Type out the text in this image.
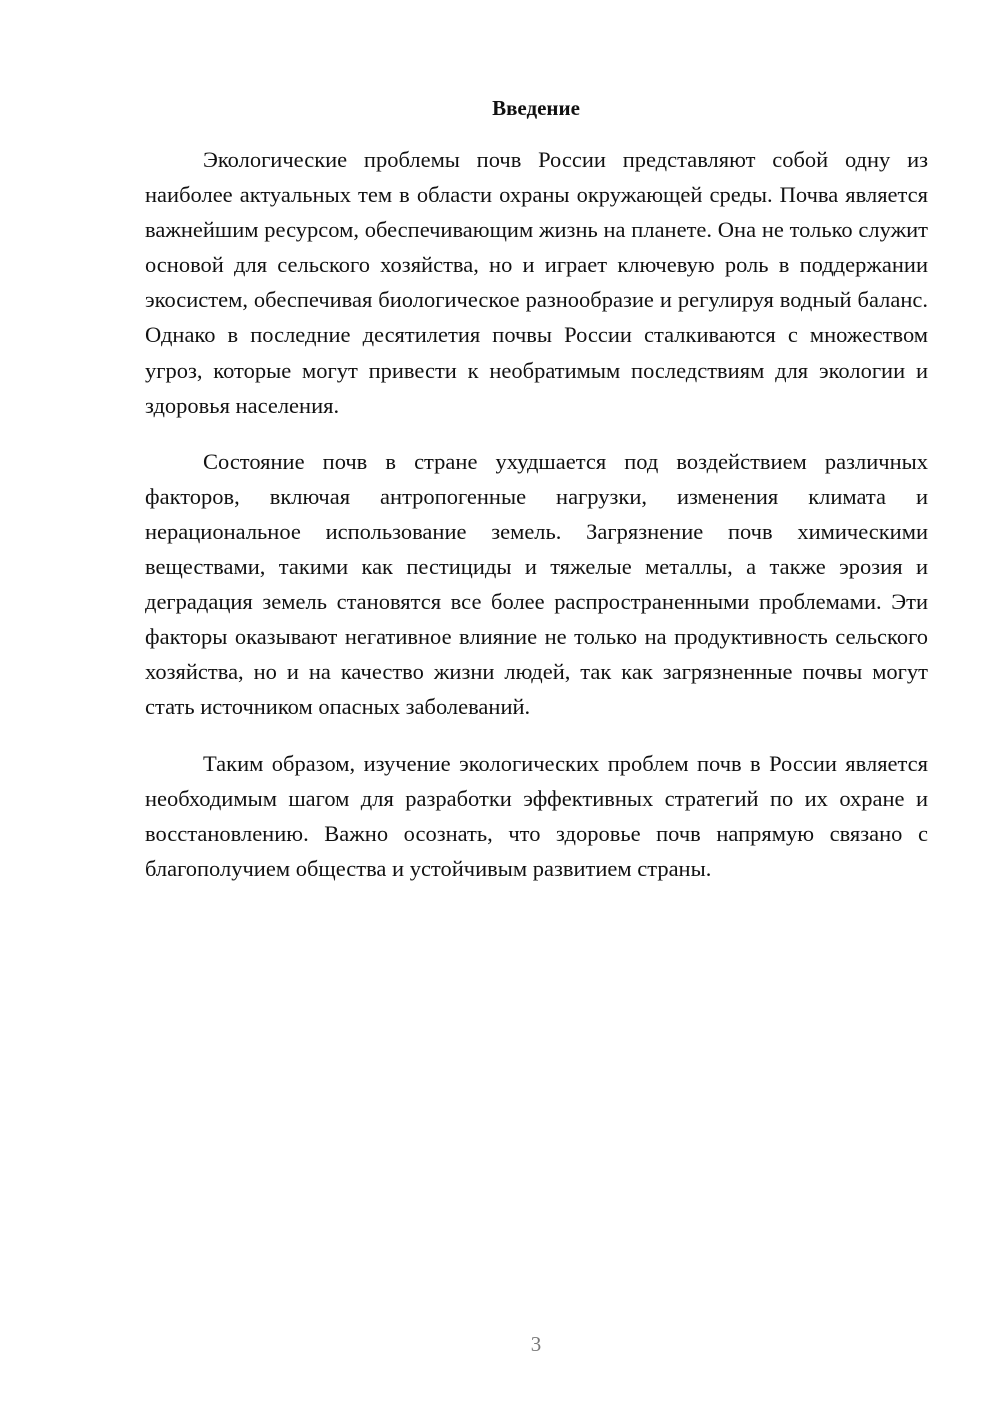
Введение

Экологические проблемы почв России представляют собой одну из наиболее актуальных тем в области охраны окружающей среды. Почва является важнейшим ресурсом, обеспечивающим жизнь на планете. Она не только служит основой для сельского хозяйства, но и играет ключевую роль в поддержании экосистем, обеспечивая биологическое разнообразие и регулируя водный баланс. Однако в последние десятилетия почвы России сталкиваются с множеством угроз, которые могут привести к необратимым последствиям для экологии и здоровья населения.

Состояние почв в стране ухудшается под воздействием различных факторов, включая антропогенные нагрузки, изменения климата и нерациональное использование земель. Загрязнение почв химическими веществами, такими как пестициды и тяжелые металлы, а также эрозия и деградация земель становятся все более распространенными проблемами. Эти факторы оказывают негативное влияние не только на продуктивность сельского хозяйства, но и на качество жизни людей, так как загрязненные почвы могут стать источником опасных заболеваний.

Таким образом, изучение экологических проблем почв в России является необходимым шагом для разработки эффективных стратегий по их охране и восстановлению. Важно осознать, что здоровье почв напрямую связано с благополучием общества и устойчивым развитием страны.

3
